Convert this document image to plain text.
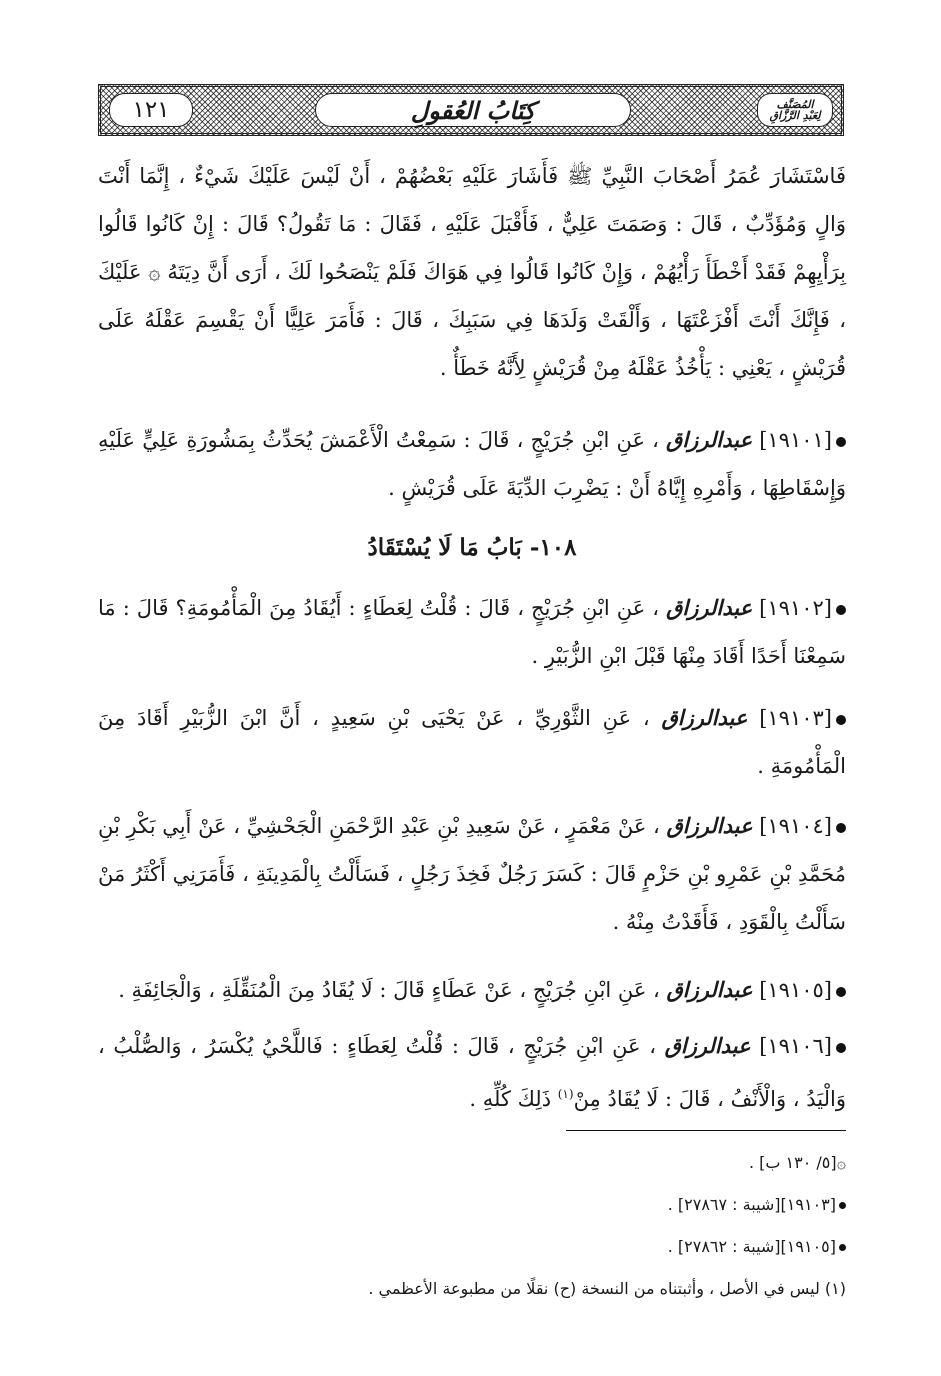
١٢١	كِتَابُ العُقولِ	المُصَنَّف
لِعَبْدِ الرَّزَّاقِ
فَاسْتَشَارَ عُمَرُ أَصْحَابَ النَّبِيِّ ﷺ فَأَشَارَ عَلَيْهِ بَعْضُهُمْ ، أَنْ لَيْسَ عَلَيْكَ شَيْءٌ ، إِنَّمَا أَنْتَ وَالٍ وَمُؤَدِّبٌ ، قَالَ : وَصَمَتَ عَلِيٌّ ، فَأَقْبَلَ عَلَيْهِ ، فَقَالَ : مَا تَقُولُ؟ قَالَ : إِنْ كَانُوا قَالُوا بِرَأْيِهِمْ فَقَدْ أَخْطَأَ رَأْيُهُمْ ، وَإِنْ كَانُوا قَالُوا فِي هَوَاكَ فَلَمْ يَنْصَحُوا لَكَ ، أَرَى أَنَّ دِيَتَهُ ۞ عَلَيْكَ ، فَإِنَّكَ أَنْتَ أَفْزَعْتَهَا ، وَأَلْقَتْ وَلَدَهَا فِي سَبَبِكَ ، قَالَ : فَأَمَرَ عَلِيًّا أَنْ يَقْسِمَ عَقْلَهُ عَلَى قُرَيْشٍ ، يَعْنِي : يَأْخُذُ عَقْلَهُ مِنْ قُرَيْشٍ لِأَنَّهُ خَطَأٌ .
[١٩١٠١] عبدالرزاق ، عَنِ ابْنِ جُرَيْجٍ ، قَالَ : سَمِعْتُ الْأَعْمَشَ يُحَدِّثُ بِمَشُورَةِ عَلِيٍّ عَلَيْهِ وَإِسْقَاطِهَا ، وَأَمْرِهِ إِيَّاهُ أَنْ : يَضْرِبَ الدِّيَةَ عَلَى قُرَيْشٍ .
١٠٨- بَابُ مَا لَا يُسْتَقَادُ
[١٩١٠٢] عبدالرزاق ، عَنِ ابْنِ جُرَيْجٍ ، قَالَ : قُلْتُ لِعَطَاءٍ : أَيُقَادُ مِنَ الْمَأْمُومَةِ؟ قَالَ : مَا سَمِعْنَا أَحَدًا أَقَادَ مِنْهَا قَبْلَ ابْنِ الزُّبَيْرِ .
[١٩١٠٣] عبدالرزاق ، عَنِ الثَّوْرِيِّ ، عَنْ يَحْيَى بْنِ سَعِيدٍ ، أَنَّ ابْنَ الزُّبَيْرِ أَقَادَ مِنَ الْمَأْمُومَةِ .
[١٩١٠٤] عبدالرزاق ، عَنْ مَعْمَرٍ ، عَنْ سَعِيدِ بْنِ عَبْدِ الرَّحْمَنِ الْجَحْشِيِّ ، عَنْ أَبِي بَكْرِ بْنِ مُحَمَّدِ بْنِ عَمْرِو بْنِ حَزْمٍ قَالَ : كَسَرَ رَجُلٌ فَخِذَ رَجُلٍ ، فَسَأَلْتُ بِالْمَدِينَةِ ، فَأَمَرَنِي أَكْثَرُ مَنْ سَأَلْتُ بِالْقَوَدِ ، فَأَقَدْتُ مِنْهُ .
[١٩١٠٥] عبدالرزاق ، عَنِ ابْنِ جُرَيْجٍ ، عَنْ عَطَاءٍ قَالَ : لَا يُقَادُ مِنَ الْمُنَقِّلَةِ ، وَالْجَائِفَةِ .
[١٩١٠٦] عبدالرزاق ، عَنِ ابْنِ جُرَيْجٍ ، قَالَ : قُلْتُ لِعَطَاءٍ : فَاللَّحْيُ يُكْسَرُ ، وَالصُّلْبُ ، وَالْيَدُ ، وَالْأَنْفُ ، قَالَ : لَا يُقَادُ مِنْ$^{(١)}$ ذَلِكَ كُلِّهِ .
۞[٥/ ١٣٠ ب] .
[١٩١٠٣][شيبة : ٢٧٨٦٧] .
[١٩١٠٥][شيبة : ٢٧٨٦٢] .
(١) ليس في الأصل ، وأثبتناه من النسخة (ح) نقلًا من مطبوعة الأعظمي .
